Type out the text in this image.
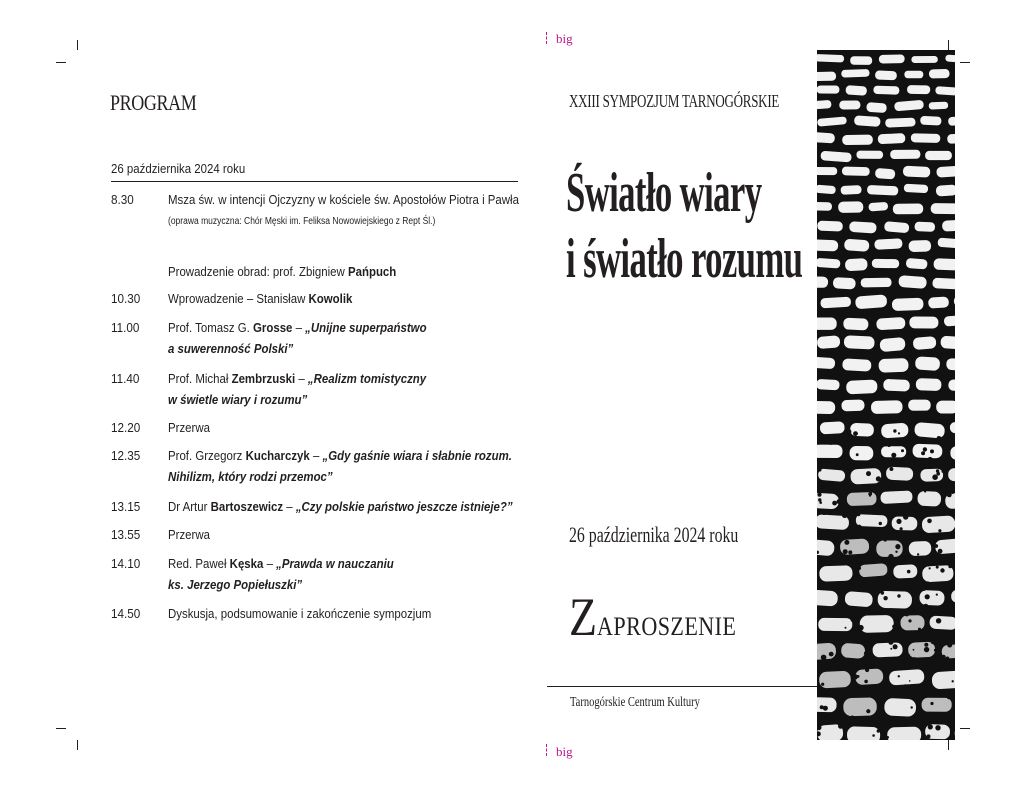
big
big
PROGRAM
26 października 2024 roku
8.30	Msza św. w intencji Ojczyzny w kościele św. Apostołów Piotra i Pawła
(oprawa muzyczna: Chór Męski im. Feliksa Nowowiejskiego z Rept Śl.)
Prowadzenie obrad: prof. Zbigniew Pańpuch
10.30	Wprowadzenie – Stanisław Kowolik
11.00	Prof. Tomasz G. Grosse – „Unijne superpaństwo
a suwerenność Polski”
11.40	Prof. Michał Zembrzuski – „Realizm tomistyczny
w świetle wiary i rozumu”
12.20	Przerwa
12.35	Prof. Grzegorz Kucharczyk – „Gdy gaśnie wiara i słabnie rozum.
Nihilizm, który rodzi przemoc”
13.15	Dr Artur Bartoszewicz – „Czy polskie państwo jeszcze istnieje?”
13.55	Przerwa
14.10	Red. Paweł Kęska – „Prawda w nauczaniu
ks. Jerzego Popiełuszki”
14.50	Dyskusja, podsumowanie i zakończenie sympozjum
XXIII SYMPOZJUM TARNOGÓRSKIE
Światło wiary
i światło rozumu
26 października 2024 roku
ZAPROSZENIE
Tarnogórskie Centrum Kultury
